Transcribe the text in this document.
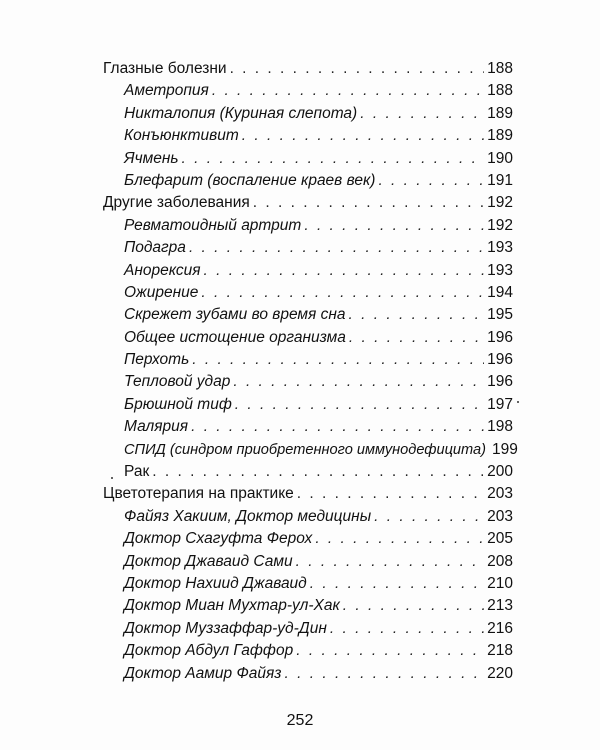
Глазные болезни . . .	188
Аметропия . . .	188
Никталопия (Куриная слепота) . . .	189
Конъюнктивит . . .	189
Ячмень . . .	190
Блефарит (воспаление краев век) . . .	191
Другие заболевания . . .	192
Ревматоидный артрит . . .	192
Подагра . . .	193
Анорексия . . .	193
Ожирение . . .	194
Скрежет зубами во время сна . . .	195
Общее истощение организма . . .	196
Перхоть . . .	196
Тепловой удар . . .	196
Брюшной тиф . . .	197
Малярия . . .	198
СПИД (синдром приобретенного иммунодефицита) 199
Рак . . .	200
Цветотерапия на практике . . .	203
Файяз Хакиим, Доктор медицины . . .	203
Доктор Схагуфта Ферох . . .	205
Доктор Джаваид Сами . . .	208
Доктор Нахиид Джаваид . . .	210
Доктор Миан Мухтар-ул-Хак . . .	213
Доктор Муззаффар-уд-Дин . . .	216
Доктор Абдул Гаффор . . .	218
Доктор Аамир Файяз . . .	220
252
